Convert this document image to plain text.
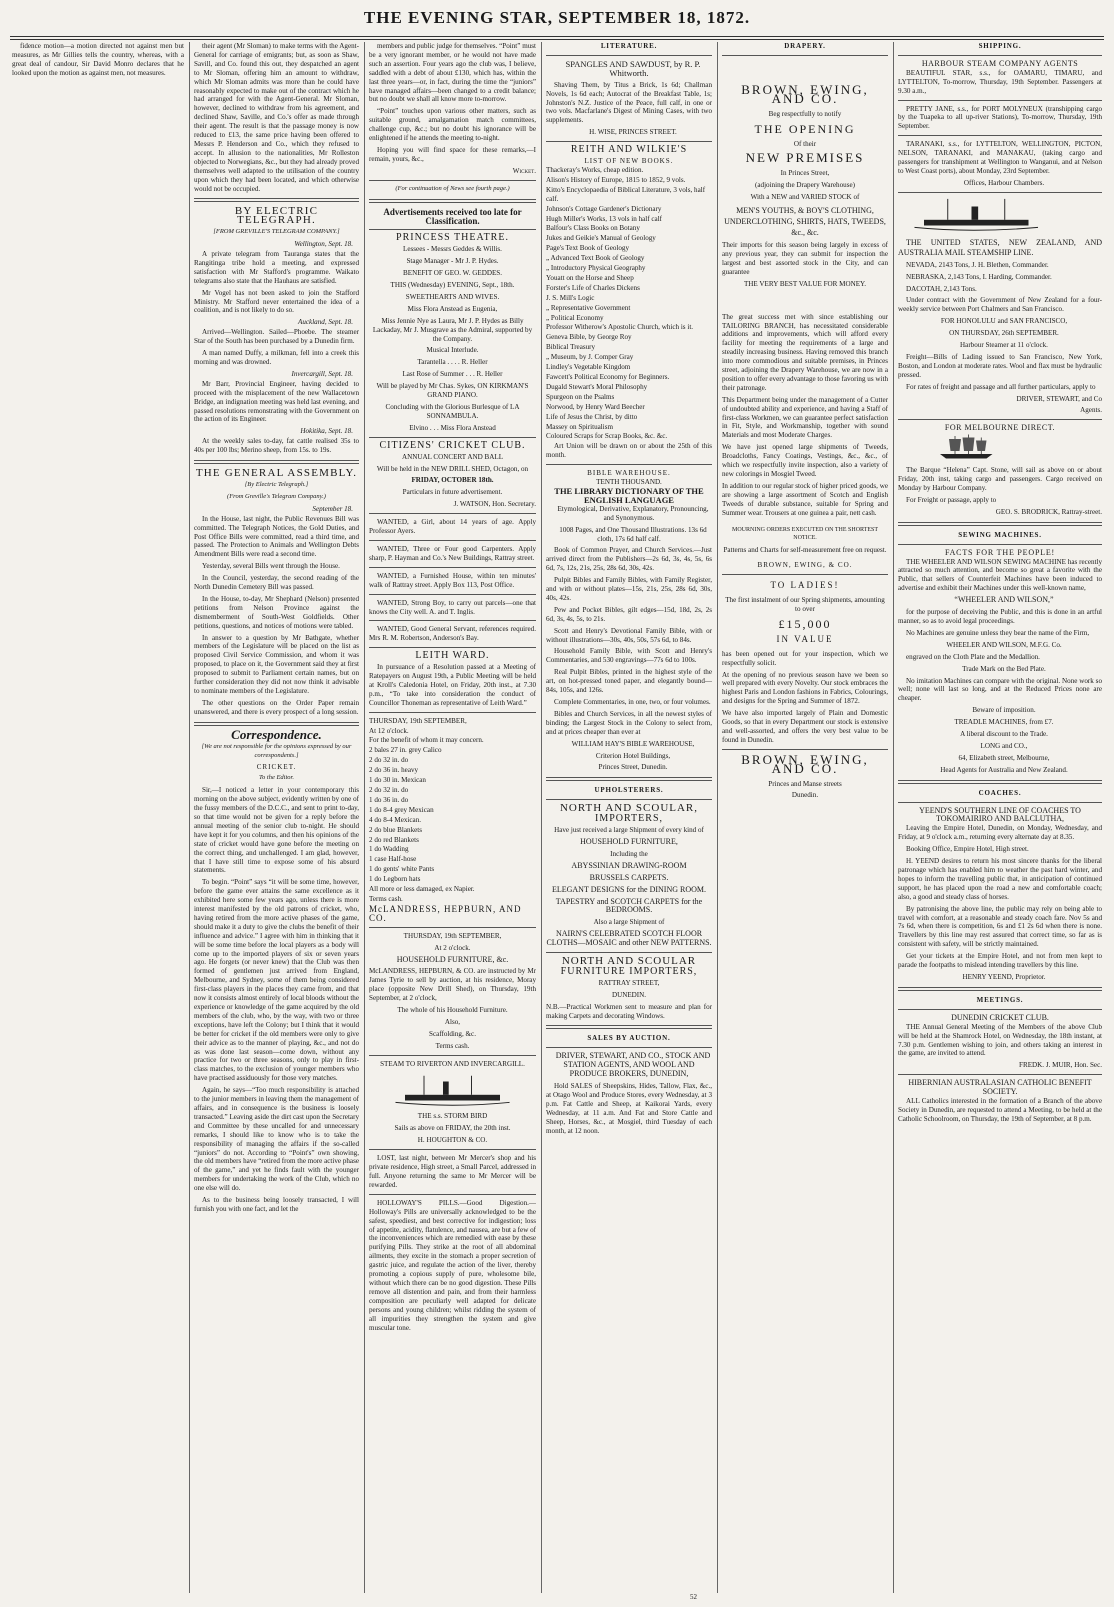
THE EVENING STAR, SEPTEMBER 18, 1872.

fidence motion—a motion directed not against men but measures, as Mr Gillies tells the country, whereas, with a great deal of candour, Sir David Monro declares that he looked upon the motion as against men, not measures.

their agent (Mr Sloman) to make terms with the Agent-General for carriage of emigrants; but, as soon as Shaw, Savill, and Co. found this out, they despatched an agent to Mr Sloman, offering him an amount to withdraw, which Mr Sloman admits was more than he could have reasonably expected to make out of the contract which he had arranged for with the Agent-General. Mr Sloman, however, declined to withdraw from his agreement, and declined Shaw, Saville, and Co.'s offer as made through their agent. The result is that the passage money is now reduced to £13, the same price having been offered to Messrs P. Henderson and Co., which they refused to accept. In allusion to the nationalities, Mr Rolleston objected to Norwegians, &c., but they had already proved themselves well adapted to the utilisation of the country upon which they had been located, and which otherwise would not be occupied.

BY ELECTRIC TELEGRAPH.
[FROM GREVILLE'S TELEGRAM COMPANY.]
Wellington, Sept. 18.

A private telegram from Tauranga states that the Rangitinga tribe hold a meeting, and expressed satisfaction with Mr Stafford's programme. Waikato telegrams also state that the Hauhaus are satisfied.

Mr Vogel has not been asked to join the Stafford Ministry. Mr Stafford never entertained the idea of a coalition, and is not likely to do so.

Auckland, Sept. 18.

Arrived—Wellington. Sailed—Phoebe. The steamer Star of the South has been purchased by a Dunedin firm.

A man named Duffy, a milkman, fell into a creek this morning and was drowned.

Invercargill, Sept. 18.

Mr Barr, Provincial Engineer, having decided to proceed with the misplacement of the new Wallacetown Bridge, an indignation meeting was held last evening, and passed resolutions remonstrating with the Government on the action of its Engineer.

Hokitika, Sept. 18.

At the weekly sales to-day, fat cattle realised 35s to 40s per 100 lbs; Merino sheep, from 15s. to 19s.

THE GENERAL ASSEMBLY.
[By Electric Telegraph.]
(From Greville's Telegram Company.)
September 18.

In the House, last night, the Public Revenues Bill was committed. The Telegraph Notices, the Gold Duties, and Post Office Bills were committed, read a third time, and passed. The Protection to Animals and Wellington Debts Amendment Bills were read a second time.

Yesterday, several Bills went through the House.

In the Council, yesterday, the second reading of the North Dunedin Cemetery Bill was passed.

In the House, to-day, Mr Shephard (Nelson) presented petitions from Nelson Province against the dismemberment of South-West Goldfields. Other petitions, questions, and notices of motions were tabled.

In answer to a question by Mr Bathgate, whether members of the Legislature will be placed on the list as proposed Civil Service Commission, and whom it was proposed, to place on it, the Government said they at first proposed to submit to Parliament certain names, but on further consideration they did not now think it advisable to nominate members of the Legislature.

The other questions on the Order Paper remain unanswered, and there is every prospect of a long session.

Correspondence.
[We are not responsible for the opinions expressed by our correspondents.]
CRICKET.
To the Editor.

Sir,—I noticed a letter in your contemporary this morning on the above subject, evidently written by one of the fussy members of the D.C.C., and sent to print to-day, so that time would not be given for a reply before the annual meeting of the senior club to-night. He should have kept it for you columns, and then his opinions of the state of cricket would have gone before the meeting on the correct thing, and unchallenged. I am glad, however, that I have still time to expose some of his absurd statements.

To begin. “Point” says “it will be some time, however, before the game ever attains the same excellence as it exhibited here some few years ago, unless there is more interest manifested by the old patrons of cricket, who, having retired from the more active phases of the game, should make it a duty to give the clubs the benefit of their influence and advice.” I agree with him in thinking that it will be some time before the local players as a body will come up to the imported players of six or seven years ago. He forgets (or never knew) that the Club was then formed of gentlemen just arrived from England, Melbourne, and Sydney, some of them being considered first-class players in the places they came from, and that now it consists almost entirely of local bloods without the experience or knowledge of the game acquired by the old members of the club, who, by the way, with two or three exceptions, have left the Colony; but I think that it would be better for cricket if the old members were only to give their advice as to the manner of playing, &c., and not do as was done last season—come down, without any practice for two or three seasons, only to play in first-class matches, to the exclusion of younger members who have practised assiduously for those very matches.

Again, he says—“Too much responsibility is attached to the junior members in leaving them the management of affairs, and in consequence is the business is loosely transacted.” Leaving aside the dirt cast upon the Secretary and Committee by these uncalled for and unnecessary remarks, I should like to know who is to take the responsibility of managing the affairs if the so-called “juniors” do not. According to “Point's” own showing, the old members have “retired from the more active phase of the game,” and yet he finds fault with the younger members for undertaking the work of the Club, which no one else will do.

As to the business being loosely transacted, I will furnish you with one fact, and let the

members and public judge for themselves. “Point” must be a very ignorant member, or he would not have made such an assertion. Four years ago the club was, I believe, saddled with a debt of about £130, which has, within the last three years—or, in fact, during the time the “juniors” have managed affairs—been changed to a credit balance; but no doubt we shall all know more to-morrow.

“Point” touches upon various other matters, such as suitable ground, amalgamation match committees, challenge cup, &c.; but no doubt his ignorance will be enlightened if he attends the meeting to-night.

Hoping you will find space for these remarks,—I remain, yours, &c.,

Wicket.
(For continuation of News see fourth page.)
Advertisements received too late for Classification.
PRINCESS THEATRE.

Lessees - Messrs Geddes & Willis.

Stage Manager - Mr J. P. Hydes.

BENEFIT OF GEO. W. GEDDES.

THIS (Wednesday) EVENING, Sept., 18th.

SWEETHEARTS AND WIVES.

Miss Flora Anstead as Eugenia,

Miss Jennie Nye as Laura, Mr J. P. Hydes as Billy Lackaday, Mr J. Musgrave as the Admiral, supported by the Company.

Musical Interlude.

Tarantella . . . . R. Heller

Last Rose of Summer . . . R. Heller

Will be played by Mr Chas. Sykes, ON KIRKMAN'S GRAND PIANO.

Concluding with the Glorious Burlesque of LA SONNAMBULA.

Elvino . . . Miss Flora Anstead

CITIZENS' CRICKET CLUB.

ANNUAL CONCERT AND BALL

Will be held in the NEW DRILL SHED, Octagon, on

FRIDAY, OCTOBER 18th.

Particulars in future advertisement.

J. WATSON, Hon. Secretary.

WANTED, a Girl, about 14 years of age. Apply Professor Ayers.

WANTED, Three or Four good Carpenters. Apply sharp, P. Hayman and Co.'s New Buildings, Rattray street.

WANTED, a Furnished House, within ten minutes' walk of Rattray street. Apply Box 113, Post Office.

WANTED, Strong Boy, to carry out parcels—one that knows the City well. A. and T. Inglis.

WANTED, Good General Servant, references required. Mrs R. M. Robertson, Anderson's Bay.

LEITH WARD.

In pursuance of a Resolution passed at a Meeting of Ratepayers on August 19th, a Public Meeting will be held at Kroll's Caledonia Hotel, on Friday, 20th inst., at 7.30 p.m., “To take into consideration the conduct of Councillor Thoneman as representative of Leith Ward.”

THURSDAY, 19th SEPTEMBER,

At 12 o'clock.

For the benefit of whom it may concern.

2 bales 27 in. grey Calico

2 do 32 in. do

2 do 36 in. heavy

1 do 30 in. Mexican

2 do 32 in. do

1 do 36 in. do

1 do 8-4 grey Mexican

4 do 8-4 Mexican.

2 do blue Blankets

2 do red Blankets

1 do Wadding

1 case Half-hose

1 do gents' white Pants

1 do Legborn hats

All more or less damaged, ex Napier.

Terms cash.

McLANDRESS, HEPBURN, AND CO.

THURSDAY, 19th SEPTEMBER,

At 2 o'clock.

HOUSEHOLD FURNITURE, &c.

McLANDRESS, HEPBURN, & CO. are instructed by Mr James Tyrie to sell by auction, at his residence, Moray place (opposite New Drill Shed), on Thursday, 19th September, at 2 o'clock,

The whole of his Household Furniture.

Also,

Scaffolding, &c.

Terms cash.

STEAM TO RIVERTON AND INVERCARGILL.

THE s.s. STORM BIRD

Sails as above on FRIDAY, the 20th inst.

H. HOUGHTON & CO.

LOST, last night, between Mr Mercer's shop and his private residence, High street, a Small Parcel, addressed in full. Anyone returning the same to Mr Mercer will be rewarded.

HOLLOWAY'S PILLS.—Good Digestion.—Holloway's Pills are universally acknowledged to be the safest, speediest, and best corrective for indigestion; loss of appetite, acidity, flatulence, and nausea, are but a few of the inconveniences which are remedied with ease by these purifying Pills. They strike at the root of all abdominal ailments, they excite in the stomach a proper secretion of gastric juice, and regulate the action of the liver, thereby promoting a copious supply of pure, wholesome bile, without which there can be no good digestion. These Pills remove all distention and pain, and from their harmless composition are peculiarly well adapted for delicate persons and young children; whilst ridding the system of all impurities they strengthen the system and give muscular tone.

LITERATURE.

SPANGLES AND SAWDUST, by R. P. Whitworth.

Shaving Them, by Titus a Brick, 1s 6d; Challman Novels, 1s 6d each; Autocrat of the Breakfast Table, 1s; Johnston's N.Z. Justice of the Peace, full calf, in one or two vols. Macfarlane's Digest of Mining Cases, with two supplements.

H. WISE, PRINCES STREET.

REITH AND WILKIE'S
LIST OF NEW BOOKS.

Thackeray's Works, cheap edition.

Alison's History of Europe, 1815 to 1852, 9 vols.

Kitto's Encyclopaedia of Biblical Literature, 3 vols, half calf.

Johnson's Cottage Gardener's Dictionary

Hugh Miller's Works, 13 vols in half calf

Balfour's Class Books on Botany

Jukes and Geikie's Manual of Geology

Page's Text Book of Geology

„ Advanced Text Book of Geology

„ Introductory Physical Geography

Youatt on the Horse and Sheep

Forster's Life of Charles Dickens

J. S. Mill's Logic

„ Representative Government

„ Political Economy

Professor Witherow's Apostolic Church, which is it.

Geneva Bible, by George Roy

Biblical Treasury

„ Museum, by J. Comper Gray

Lindley's Vegetable Kingdom

Fawcett's Political Economy for Beginners.

Dugald Stewart's Moral Philosophy

Spurgeon on the Psalms

Norwood, by Henry Ward Beecher

Life of Jesus the Christ, by ditto

Massey on Spiritualism

Coloured Scraps for Scrap Books, &c. &c.

Art Union will be drawn on or about the 25th of this month.

BIBLE WAREHOUSE.
TENTH THOUSAND.
THE LIBRARY DICTIONARY OF THE ENGLISH LANGUAGE

Etymological, Derivative, Explanatory, Pronouncing, and Synonymous.

1008 Pages, and One Thousand Illustrations. 13s 6d cloth, 17s 6d half calf.

Book of Common Prayer, and Church Services.—Just arrived direct from the Publishers—2s 6d, 3s, 4s, 5s, 6s 6d, 7s, 12s, 21s, 25s, 28s 6d, 30s, 42s.

Pulpit Bibles and Family Bibles, with Family Register, and with or without plates—15s, 21s, 25s, 28s 6d, 30s, 40s, 42s.

Pew and Pocket Bibles, gilt edges—15d, 18d, 2s, 2s 6d, 3s, 4s, 5s, to 21s.

Scott and Henry's Devotional Family Bible, with or without illustrations—30s, 40s, 50s, 57s 6d, to 84s.

Household Family Bible, with Scott and Henry's Commentaries, and 530 engravings—77s 6d to 100s.

Real Pulpit Bibles, printed in the highest style of the art, on hot-pressed toned paper, and elegantly bound—84s, 105s, and 126s.

Complete Commentaries, in one, two, or four volumes.

Bibles and Church Services, in all the newest styles of binding; the Largest Stock in the Colony to select from, and at prices cheaper than ever at

WILLIAM HAY'S BIBLE WAREHOUSE,

Criterion Hotel Buildings,

Princes Street, Dunedin.

UPHOLSTERERS.
NORTH AND SCOULAR,
IMPORTERS,

Have just received a large Shipment of every kind of

HOUSEHOLD FURNITURE,

Including the

ABYSSINIAN DRAWING-ROOM

BRUSSELS CARPETS.

ELEGANT DESIGNS for the DINING ROOM.

TAPESTRY and SCOTCH CARPETS for the BEDROOMS.

Also a large Shipment of

NAIRN'S CELEBRATED SCOTCH FLOOR CLOTHS—MOSAIC and other NEW PATTERNS.

NORTH AND SCOULAR
FURNITURE IMPORTERS,

RATTRAY STREET,

DUNEDIN.

N.B.—Practical Workmen sent to measure and plan for making Carpets and decorating Windows.

SALES BY AUCTION.

DRIVER, STEWART, AND CO., STOCK AND STATION AGENTS, AND WOOL AND PRODUCE BROKERS, DUNEDIN,

Hold SALES of Sheepskins, Hides, Tallow, Flax, &c., at Otago Wool and Produce Stores, every Wednesday, at 3 p.m. Fat Cattle and Sheep, at Kaikorai Yards, every Wednesday, at 11 a.m. And Fat and Store Cattle and Sheep, Horses, &c., at Mosgiel, third Tuesday of each month, at 12 noon.

DRAPERY.
BROWN, EWING, AND CO.

Beg respectfully to notify

THE OPENING

Of their

NEW PREMISES

In Princes Street,

(adjoining the Drapery Warehouse)

With a NEW and VARIED STOCK of

MEN'S YOUTHS, & BOY'S CLOTHING, UNDERCLOTHING, SHIRTS, HATS, TWEEDS, &c., &c.

Their imports for this season being largely in excess of any previous year, they can submit for inspection the largest and best assorted stock in the City, and can guarantee

THE VERY BEST VALUE FOR MONEY.

The great success met with since establishing our TAILORING BRANCH, has necessitated considerable additions and improvements, which will afford every facility for meeting the requirements of a large and steadily increasing business. Having removed this branch into more commodious and suitable premises, in Princes street, adjoining the Drapery Warehouse, we are now in a position to offer every advantage to those favoring us with their patronage.

This Department being under the management of a Cutter of undoubted ability and experience, and having a Staff of first-class Workmen, we can guarantee perfect satisfaction in Fit, Style, and Workmanship, together with sound Materials and most Moderate Charges.

We have just opened large shipments of Tweeds, Broadcloths, Fancy Coatings, Vestings, &c., &c., of which we respectfully invite inspection, also a variety of new colorings in Mosgiel Tweed.

In addition to our regular stock of higher priced goods, we are showing a large assortment of Scotch and English Tweeds of durable substance, suitable for Spring and Summer wear. Trousers at one guinea a pair, nett cash.

MOURNING ORDERS EXECUTED ON THE SHORTEST NOTICE.

Patterns and Charts for self-measurement free on request.

BROWN, EWING, & CO.

TO LADIES!

The first instalment of our Spring shipments, amounting to over

£15,000
IN VALUE

has been opened out for your inspection, which we respectfully solicit.

At the opening of no previous season have we been so well prepared with every Novelty. Our stock embraces the highest Paris and London fashions in Fabrics, Colourings, and designs for the Spring and Summer of 1872.

We have also imported largely of Plain and Domestic Goods, so that in every Department our stock is extensive and well-assorted, and offers the very best value to be found in Dunedin.

BROWN, EWING, AND CO.

Princes and Manse streets

Dunedin.

SHIPPING.
HARBOUR STEAM COMPANY AGENTS

BEAUTIFUL STAR, s.s., for OAMARU, TIMARU, and LYTTELTON, To-morrow, Thursday, 19th September. Passengers at 9.30 a.m.,

PRETTY JANE, s.s., for PORT MOLYNEUX (transhipping cargo by the Tuapeka to all up-river Stations), To-morrow, Thursday, 19th September.

TARANAKI, s.s., for LYTTELTON, WELLINGTON, PICTON, NELSON, TARANAKI, and MANAKAU, (taking cargo and passengers for transhipment at Wellington to Wanganui, and at Nelson to West Coast ports), about Monday, 23rd September.

Offices, Harbour Chambers.

THE UNITED STATES, NEW ZEALAND, AND AUSTRALIA MAIL STEAMSHIP LINE.

NEVADA, 2143 Tons, J. H. Blethen, Commander.

NEBRASKA, 2,143 Tons, I. Harding, Commander.

DACOTAH, 2,143 Tons.

Under contract with the Government of New Zealand for a four-weekly service between Port Chalmers and San Francisco.

FOR HONOLULU and SAN FRANCISCO,

ON THURSDAY, 26th SEPTEMBER.

Harbour Steamer at 11 o'clock.

Freight—Bills of Lading issued to San Francisco, New York, Boston, and London at moderate rates. Wool and flax must be hydraulic pressed.

For rates of freight and passage and all further particulars, apply to

DRIVER, STEWART, and Co

Agents.

FOR MELBOURNE DIRECT.

The Barque “Helena” Capt. Stone, will sail as above on or about Friday, 20th inst, taking cargo and passengers. Cargo received on Monday by Harbour Company.

For Freight or passage, apply to

GEO. S. BRODRICK, Rattray-street.

SEWING MACHINES.
FACTS FOR THE PEOPLE!

THE WHEELER AND WILSON SEWING MACHINE has recently attracted so much attention, and become so great a favorite with the Public, that sellers of Counterfeit Machines have been induced to advertise and exhibit their Machines under this well-known name,

“WHEELER AND WILSON,”

for the purpose of deceiving the Public, and this is done in an artful manner, so as to avoid legal proceedings.

No Machines are genuine unless they bear the name of the Firm,

WHEELER AND WILSON, M.F.G. Co.

engraved on the Cloth Plate and the Medallion.

Trade Mark on the Bed Plate.

No imitation Machines can compare with the original. None work so well; none will last so long, and at the Reduced Prices none are cheaper.

Beware of imposition.

TREADLE MACHINES, from £7.

A liberal discount to the Trade.

LONG and CO.,

64, Elizabeth street, Melbourne,

Head Agents for Australia and New Zealand.

COACHES.
YEEND'S SOUTHERN LINE OF COACHES TO TOKOMAIRIRO AND BALCLUTHA,

Leaving the Empire Hotel, Dunedin, on Monday, Wednesday, and Friday, at 9 o'clock a.m., returning every alternate day at 8.35.

Booking Office, Empire Hotel, High street.

H. YEEND desires to return his most sincere thanks for the liberal patronage which has enabled him to weather the past hard winter, and hopes to inform the travelling public that, in anticipation of continued support, he has placed upon the road a new and comfortable coach; also, a good and steady class of horses.

By patronising the above line, the public may rely on being able to travel with comfort, at a reasonable and steady coach fare. Nov 5s and 7s 6d, when there is competition, 6s and £1 2s 6d when there is none. Travellers by this line may rest assured that correct time, so far as is consistent with safety, will be strictly maintained.

Get your tickets at the Empire Hotel, and not from men kept to parade the footpaths to mislead intending travellers by this line.

HENRY YEEND, Proprietor.

MEETINGS.
DUNEDIN CRICKET CLUB.

THE Annual General Meeting of the Members of the above Club will be held at the Shamrock Hotel, on Wednesday, the 18th instant, at 7.30 p.m. Gentlemen wishing to join, and others taking an interest in the game, are invited to attend.

FREDK. J. MUIR, Hon. Sec.

HIBERNIAN AUSTRALASIAN CATHOLIC BENEFIT SOCIETY.

ALL Catholics interested in the formation of a Branch of the above Society in Dunedin, are requested to attend a Meeting, to be held at the Catholic Schoolroom, on Thursday, the 19th of September, at 8 p.m.

52
